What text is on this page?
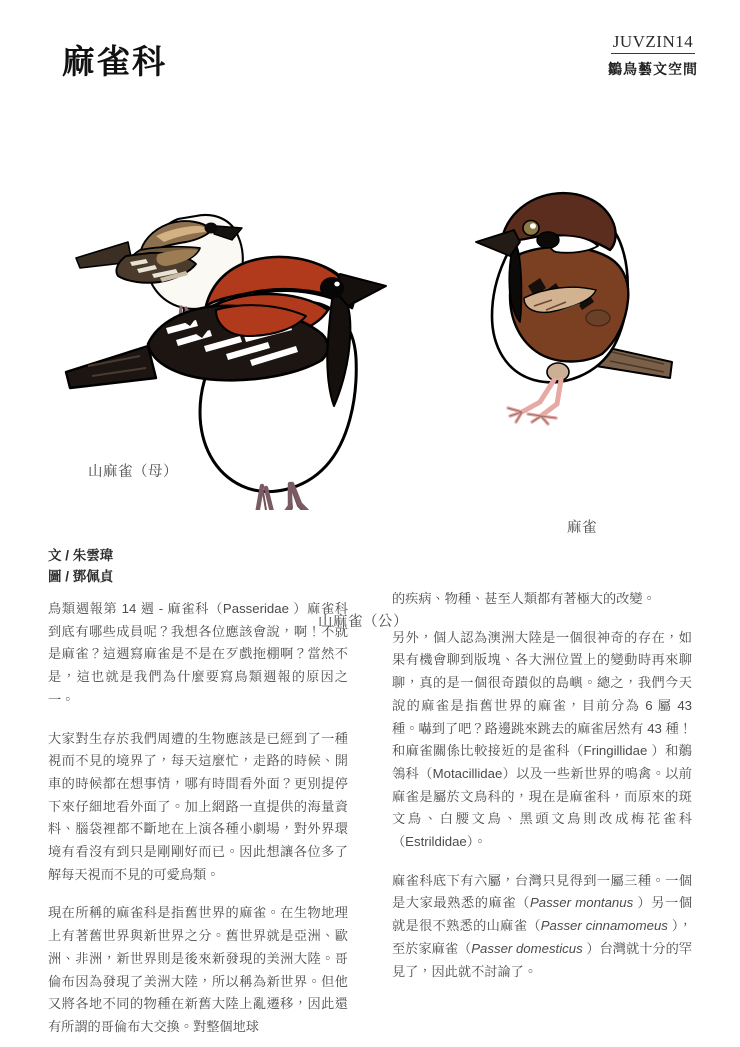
麻雀科
JUVZIN14
鶵鳥藝文空間
山麻雀（母）
山麻雀（公）
麻雀
文 / 朱雲瑋
圖 / 鄧佩貞

鳥類週報第 14 週 - 麻雀科（Passeridae ）麻雀科到底有哪些成員呢？我想各位應該會說，啊！不就是麻雀？這週寫麻雀是不是在歹戲拖棚啊？當然不是，這也就是我們為什麼要寫鳥類週報的原因之一。

大家對生存於我們周遭的生物應該是已經到了一種視而不見的境界了，每天這麼忙，走路的時候、開車的時候都在想事情，哪有時間看外面？更別提停下來仔細地看外面了。加上網路一直提供的海量資料、腦袋裡都不斷地在上演各種小劇場，對外界環境有看沒有到只是剛剛好而已。因此想讓各位多了解每天視而不見的可愛鳥類。

現在所稱的麻雀科是指舊世界的麻雀。在生物地理上有著舊世界與新世界之分。舊世界就是亞洲、歐洲、非洲，新世界則是後來新發現的美洲大陸。哥倫布因為發現了美洲大陸，所以稱為新世界。但他又將各地不同的物種在新舊大陸上亂遷移，因此還有所謂的哥倫布大交換。對整個地球

的疾病、物種、甚至人類都有著極大的改變。

另外，個人認為澳洲大陸是一個很神奇的存在，如果有機會聊到版塊、各大洲位置上的變動時再來聊聊，真的是一個很奇蹟似的島嶼。總之，我們今天說的麻雀是指舊世界的麻雀，目前分為 6 屬 43 種。嚇到了吧？路邊跳來跳去的麻雀居然有 43 種！和麻雀關係比較接近的是雀科（Fringillidae ）和鶺鴒科（Motacillidae）以及一些新世界的鳴禽。以前麻雀是屬於文鳥科的，現在是麻雀科，而原來的斑文鳥、白腰文鳥、黑頭文鳥則改成梅花雀科（Estrildidae）。

麻雀科底下有六屬，台灣只見得到一屬三種。一個是大家最熟悉的麻雀（Passer montanus ）另一個就是很不熟悉的山麻雀（Passer cinnamomeus ），至於家麻雀（Passer domesticus ）台灣就十分的罕見了，因此就不討論了。
